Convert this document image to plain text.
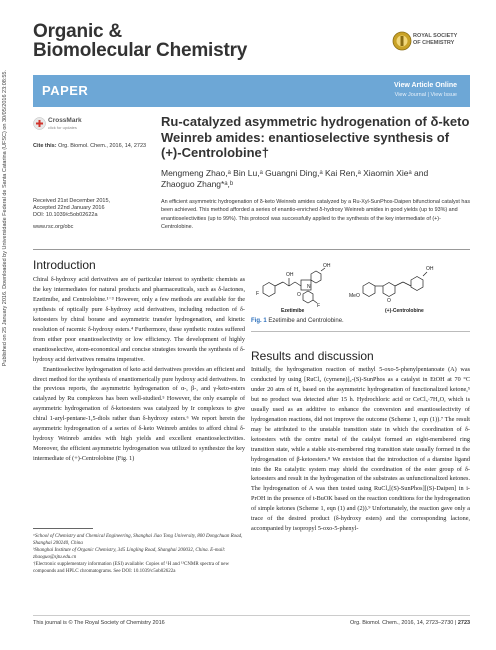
Published on 25 January 2016. Downloaded by Universidade Federal de Santa Catarina (UFSC) on 30/05/2016 23:08:55.
Organic &
Biomolecular Chemistry
ROYAL SOCIETY
OF CHEMISTRY
PAPER	View Article Online
View Journal | View Issue
CrossMark
click for updates
Cite this: Org. Biomol. Chem., 2016, 14, 2723
Ru-catalyzed asymmetric hydrogenation of δ-keto Weinreb amides: enantioselective synthesis of (+)-Centrolobine†
Mengmeng Zhao,ᵃ Bin Lu,ᵃ Guangni Ding,ᵃ Kai Ren,ᵃ Xiaomin Xieᵃ and
Zhaoguo Zhang*ᵃ,ᵇ
Received 21st December 2015,
Accepted 22nd January 2016
DOI: 10.1039/c5ob02622a
www.rsc.org/obc
An efficient asymmetric hydrogenation of δ-keto Weinreb amides catalyzed by a Ru-Xyl-SunPhos-Daipen bifunctional catalyst has been achieved. This method afforded a series of enantio-enriched δ-hydroxy Weinreb amides in good yields (up to 93%) and enantioselectivities (up to 99%). This protocol was successfully applied to the synthesis of the key intermediate of (+)-Centrolobine.
Introduction

Chiral δ-hydroxy acid derivatives are of particular interest to synthetic chemists as the key intermediates for natural products and pharmaceuticals, such as δ-lactones, Ezetimibe, and Centrolobine.¹⁻³ However, only a few methods are available for the synthesis of optically pure δ-hydroxy acid derivatives, including reduction of δ-ketoesters by chiral borane and asymmetric transfer hydrogenation, and kinetic resolution of racemic δ-hydroxy esters.⁴ Furthermore, these synthetic routes suffered from either poor enantioselectivity or low efficiency. The development of highly enantioselective, atom-economical and concise strategies towards the synthesis of δ-hydroxy acid derivatives remains imperative.

Enantioselective hydrogenation of keto acid derivatives provides an efficient and direct method for the synthesis of enantiomerically pure hydroxy acid derivatives. In the previous reports, the asymmetric hydrogenation of α-, β-, and γ-keto-esters catalyzed by Ru complexes has been well-studied.⁵ However, the only example of asymmetric hydrogenation of δ-ketoesters was catalyzed by Ir complexes to give chiral 1-aryl-pentane-1,5-diols rather than δ-hydroxy esters.⁶ We report herein the asymmetric hydrogenation of a series of δ-keto Weinreb amides to afford chiral δ-hydroxy Weinreb amides with high yields and excellent enantioselectivities. Moreover, the efficient asymmetric hydrogenation was utilized to synthesize the key intermediate of (+)-Centrolobine (Fig. 1)

ᵃSchool of Chemistry and Chemical Engineering, Shanghai Jiao Tong University, 800 Dongchuan Road, Shanghai 200240, China
ᵇShanghai Institute of Organic Chemistry, 345 Lingling Road, Shanghai 200032, China. E-mail: zhaoguo@sjtu.edu.cn
†Electronic supplementary information (ESI) available: Copies of ¹H and ¹³CNMR spectra of new compounds and HPLC chromatograms. See DOI: 10.1039/c5ob02622a
F
OH
OH
O
N
F
Ezetimibe
MeO
O
OH
(+)-Centrolobine
Fig. 1 Ezetimibe and Centrolobine.
Results and discussion

Initially, the hydrogenation reaction of methyl 5-oxo-5-phenylpentanoate (A) was conducted by using [RuCl₂ (cymene)]₂-(S)-SunPhos as a catalyst in EtOH at 70 °C under 20 atm of H₂ based on the asymmetric hydrogenation of functionalized ketone,⁵ but no product was detected after 15 h. Hydrochloric acid or CeCl₃·7H₂O, which is usually used as an additive to enhance the conversion and enantioselectivity of hydrogenation reactions, did not improve the outcome (Scheme 1, eqn (1)).⁷ The result may be attributed to the unstable transition state in which the coordination of δ-ketoesters with the centre metal of the catalyst formed an eight-membered ring transition state, while a stable six-membered ring transition state usually formed in the hydrogenation of β-ketoesters.⁸ We envision that the introduction of a diamine ligand into the Ru catalytic system may shield the coordination of the ester group of δ-ketoesters and result in the hydrogenation of the substrates as unfunctionalized ketones. The hydrogenation of A was then tested using RuCl₂[(S)-SunPhos][(S)-Daipen] in i-PrOH in the presence of t-BuOK based on the reaction conditions for the hydrogenation of simple ketones (Scheme 1, eqn (1) and (2)).⁹ Unfortunately, the reaction gave only a trace of the desired product (δ-hydroxy esters) and the corresponding lactone, accompanied by isopropyl 5-oxo-5-phenyl-

This journal is © The Royal Society of Chemistry 2016	Org. Biomol. Chem., 2016, 14, 2723–2730 | 2723
